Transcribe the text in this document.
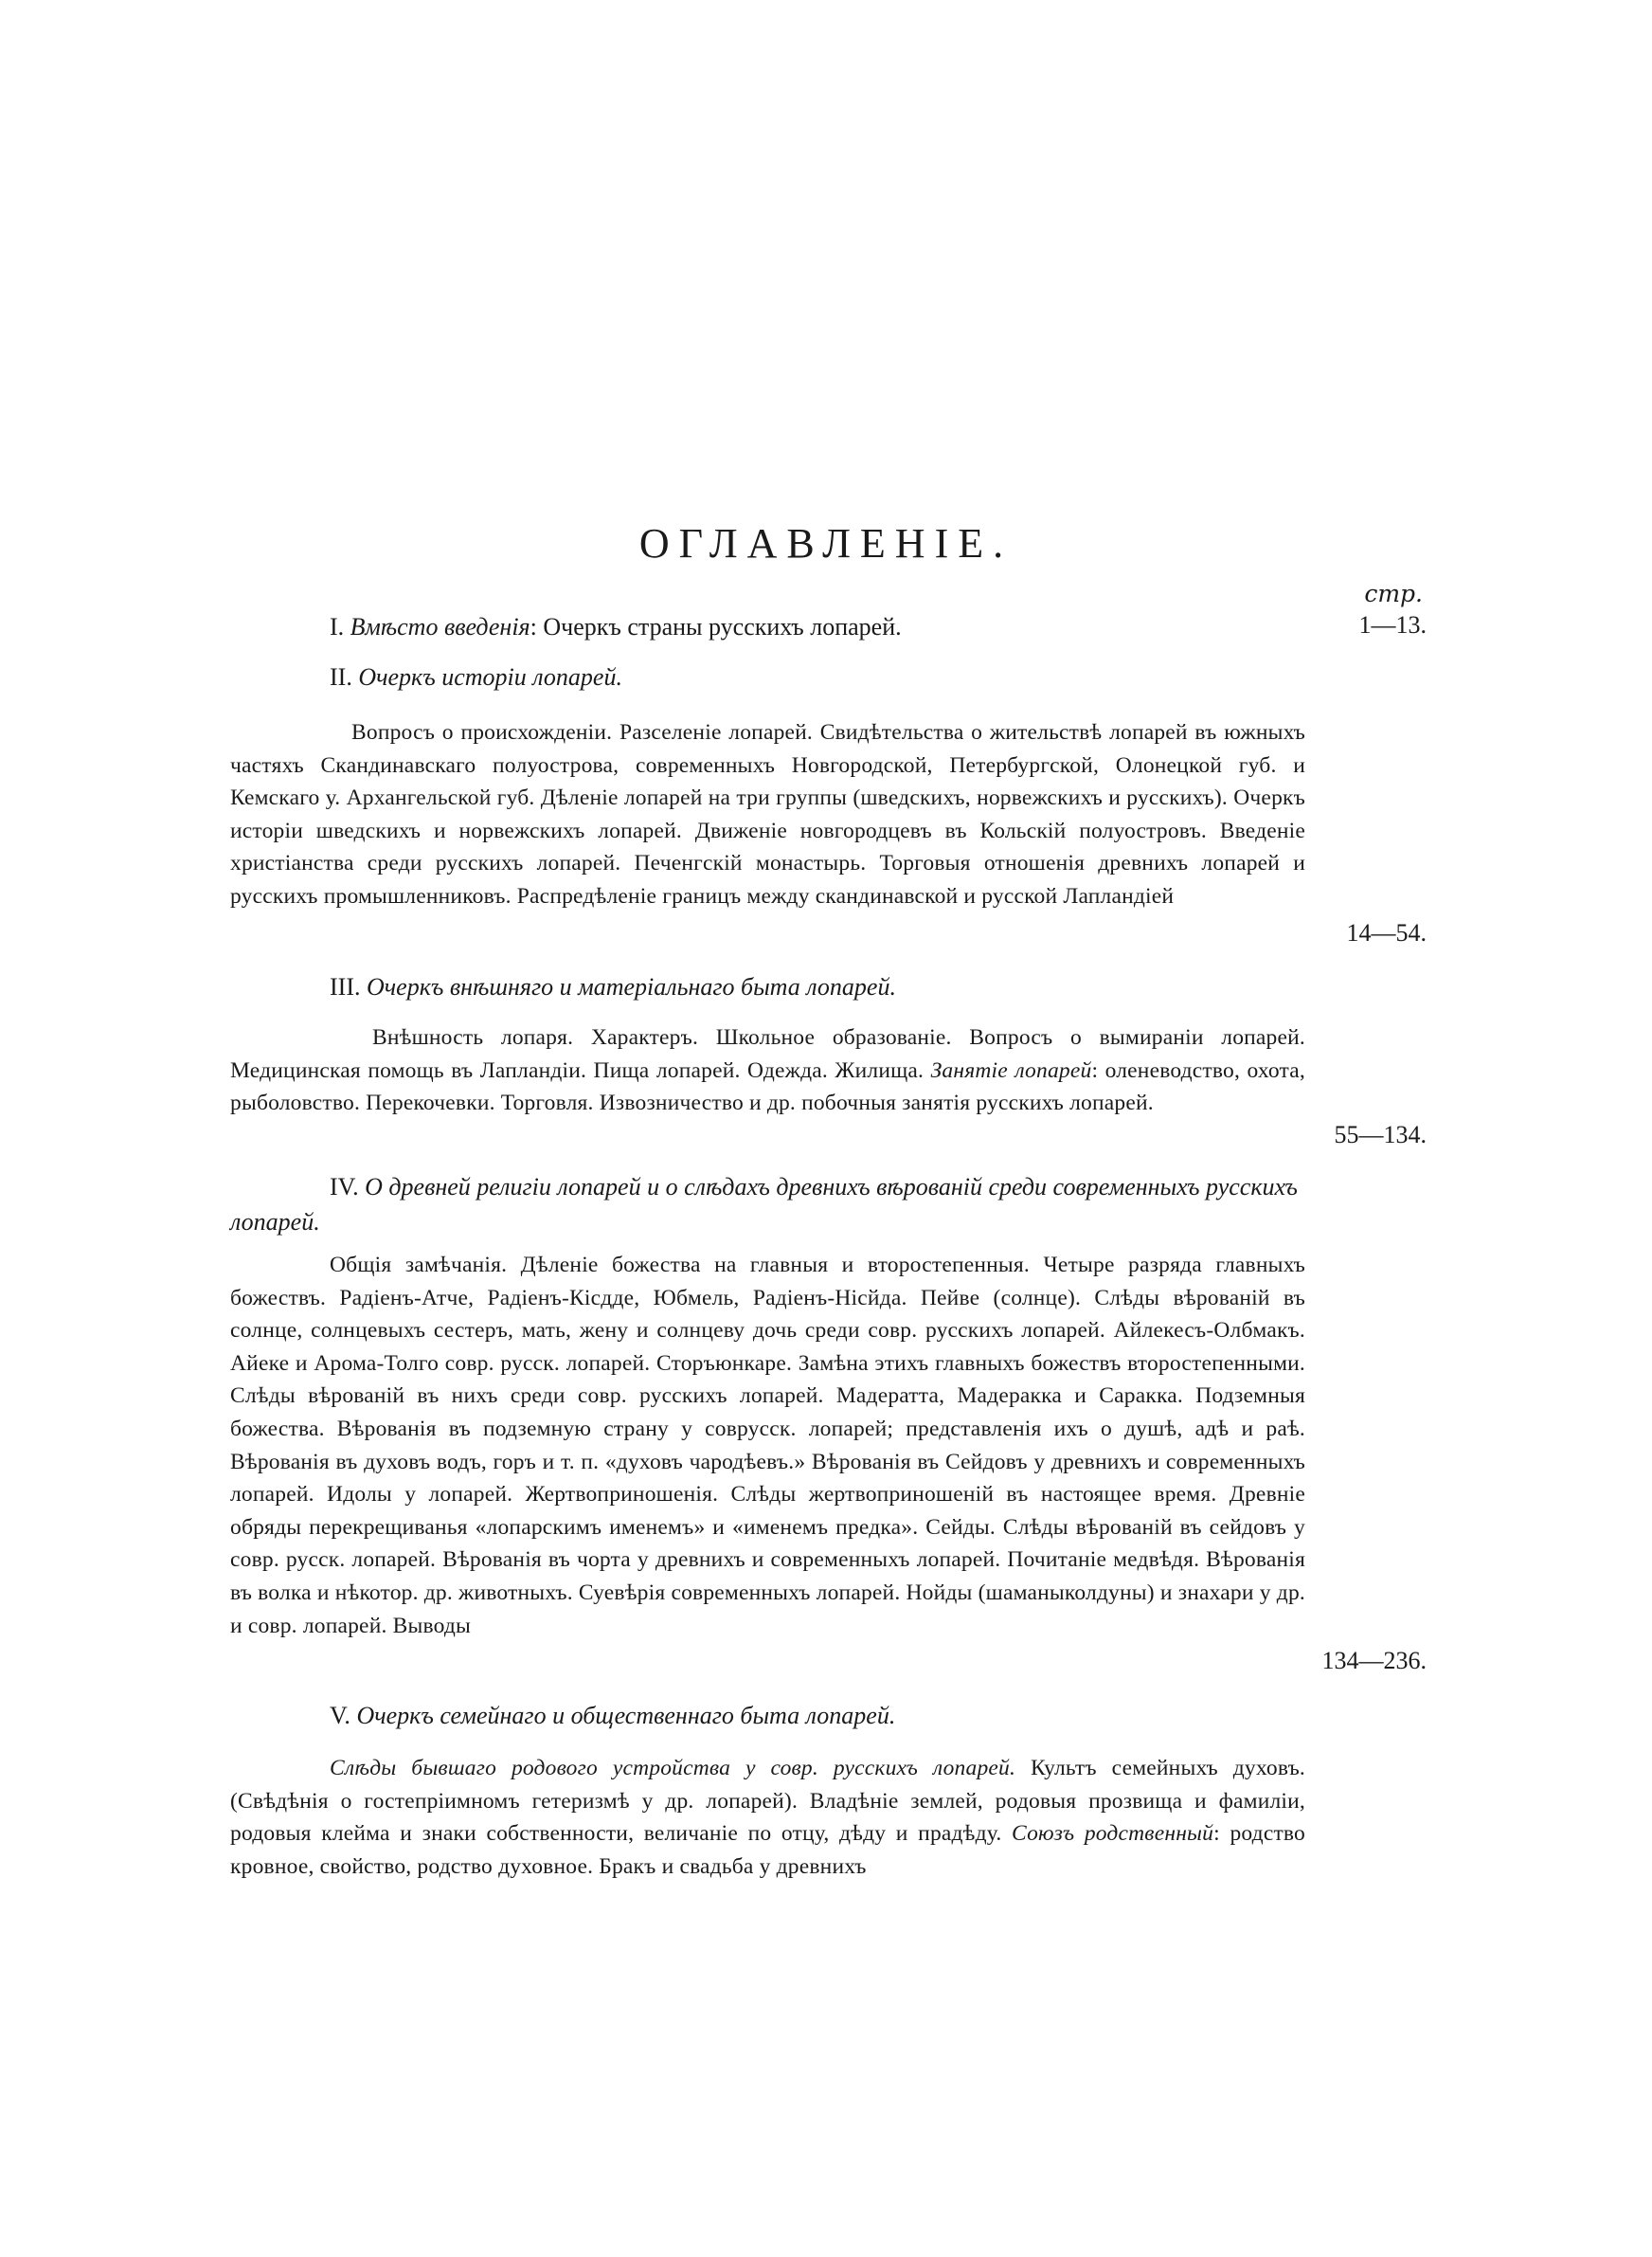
ОГЛАВЛЕНІЕ.
стр.
I. Вмѣсто введенія: Очеркъ страны русскихъ лопарей.	1—13.
II. Очеркъ исторіи лопарей.
Вопросъ о происхожденіи. Разселеніе лопарей. Свидѣтельства о жительствѣ лопарей въ южныхъ частяхъ Скандинавскаго полуострова, современныхъ Новгородской, Петербургской, Олонецкой губ. и Кемскаго у. Архангельской губ. Дѣленіе лопарей на три группы (шведскихъ, норвежскихъ и русскихъ). Очеркъ исторіи шведскихъ и норвежскихъ лопарей. Движеніе новгородцевъ въ Кольскій полуостровъ. Введеніе христіанства среди русскихъ лопарей. Печенгскій монастырь. Торговыя отношенія древнихъ лопарей и русскихъ промышленниковъ. Распредѣленіе границъ между скандинавской и русской Лапландіей
14—54.
III. Очеркъ внѣшняго и матеріальнаго быта лопарей.
Внѣшность лопаря. Характеръ. Школьное образованіе. Вопросъ о вымираніи лопарей. Медицинская помощь въ Лапландіи. Пища лопарей. Одежда. Жилища. Занятіе лопарей: оленеводство, охота, рыболовство. Перекочевки. Торговля. Извозничество и др. побочныя занятія русскихъ лопарей.
55—134.
IV. О древней религіи лопарей и о слѣдахъ древнихъ вѣрованій среди современныхъ русскихъ лопарей.
Общія замѣчанія. Дѣленіе божества на главныя и второстепенныя. Четыре разряда главныхъ божествъ. Радіенъ-Атче, Радіенъ-Кісдде, Юбмель, Радіенъ-Нісйда. Пейве (солнце). Слѣды вѣрованій въ солнце, солнцевыхъ сестеръ, мать, жену и солнцеву дочь среди совр. русскихъ лопарей. Айлекесъ-Олбмакъ. Айеке и Арома-Толго совр. русск. лопарей. Сторъюнкаре. Замѣна этихъ главныхъ божествъ второстепенными. Слѣды вѣрованій въ нихъ среди совр. русскихъ лопарей. Мадератта, Мадеракка и Саракка. Подземныя божества. Вѣрованія въ подземную страну у соврусск. лопарей; представленія ихъ о душѣ, адѣ и раѣ. Вѣрованія въ духовъ водъ, горъ и т. п. «духовъ чародѣевъ.» Вѣрованія въ Сейдовъ у древнихъ и современныхъ лопарей. Идолы у лопарей. Жертвоприношенія. Слѣды жертвоприношеній въ настоящее время. Древніе обряды перекрещиванья «лопарскимъ именемъ» и «именемъ предка». Сейды. Слѣды вѣрованій въ сейдовъ у совр. русск. лопарей. Вѣрованія въ чорта у древнихъ и современныхъ лопарей. Почитаніе медвѣдя. Вѣрованія въ волка и нѣкотор. др. животныхъ. Суевѣрія современныхъ лопарей. Нойды (шаманыколдуны) и знахари у др. и совр. лопарей. Выводы
134—236.
V. Очеркъ семейнаго и общественнаго быта лопарей.
Слѣды бывшаго родового устройства у совр. русскихъ лопарей. Культъ семейныхъ духовъ. (Свѣдѣнія о гостепріимномъ гетеризмѣ у др. лопарей). Владѣніе землей, родовыя прозвища и фамиліи, родовыя клейма и знаки собственности, величаніе по отцу, дѣду и прадѣду. Союзъ родственный: родство кровное, свойство, родство духовное. Бракъ и свадьба у древнихъ
